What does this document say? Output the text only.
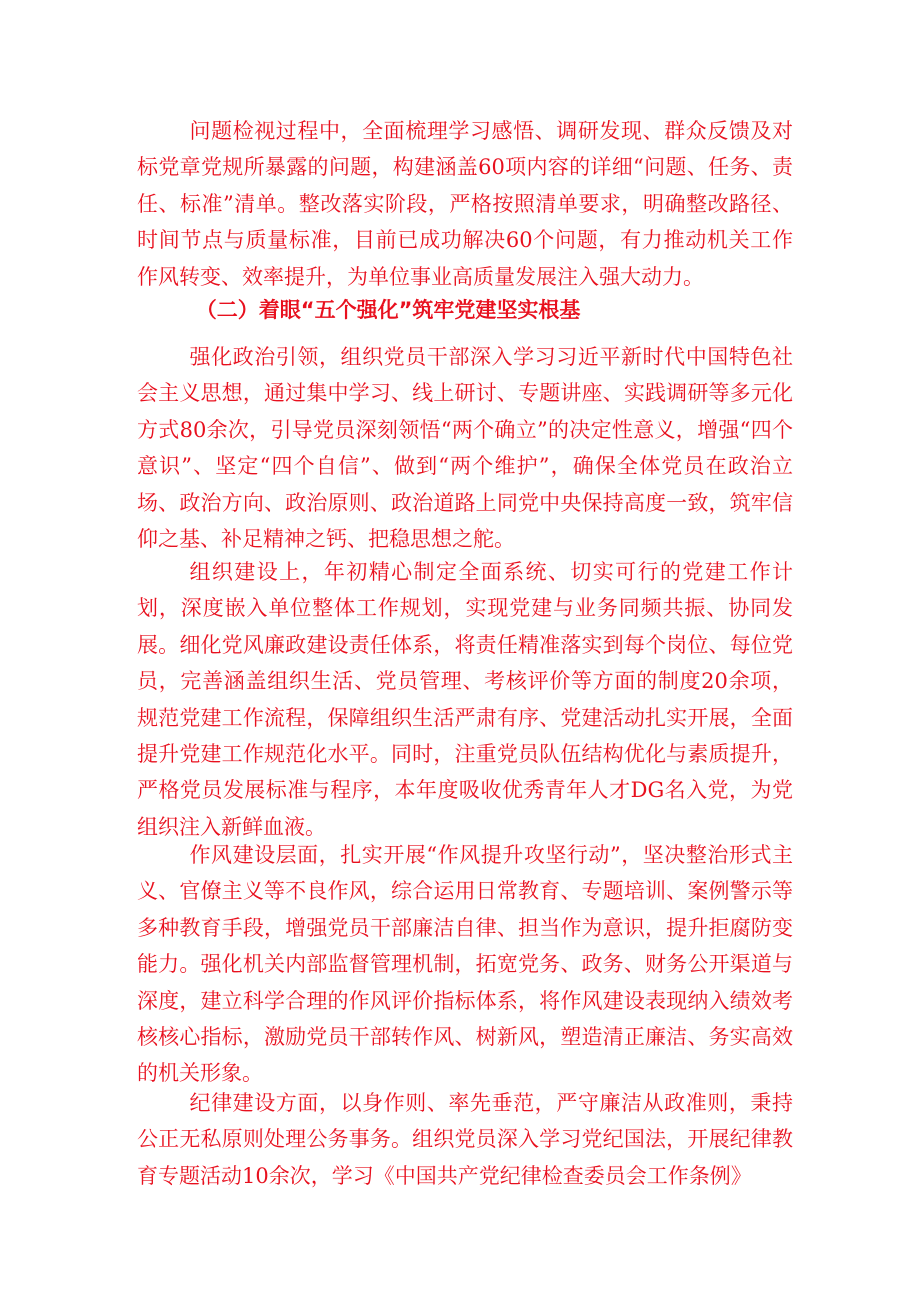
问题检视过程中，全面梳理学习感悟、调研发现、群众反馈及对标党章党规所暴露的问题，构建涵盖60项内容的详细“问题、任务、责任、标准”清单。整改落实阶段，严格按照清单要求，明确整改路径、时间节点与质量标准，目前已成功解决60个问题，有力推动机关工作作风转变、效率提升，为单位事业高质量发展注入强大动力。

（二）着眼“五个强化”筑牢党建坚实根基

强化政治引领，组织党员干部深入学习习近平新时代中国特色社会主义思想，通过集中学习、线上研讨、专题讲座、实践调研等多元化方式80余次，引导党员深刻领悟“两个确立”的决定性意义，增强“四个意识”、坚定“四个自信”、做到“两个维护”，确保全体党员在政治立场、政治方向、政治原则、政治道路上同党中央保持高度一致，筑牢信仰之基、补足精神之钙、把稳思想之舵。

组织建设上，年初精心制定全面系统、切实可行的党建工作计划，深度嵌入单位整体工作规划，实现党建与业务同频共振、协同发展。细化党风廉政建设责任体系，将责任精准落实到每个岗位、每位党员，完善涵盖组织生活、党员管理、考核评价等方面的制度20余项，规范党建工作流程，保障组织生活严肃有序、党建活动扎实开展，全面提升党建工作规范化水平。同时，注重党员队伍结构优化与素质提升，严格党员发展标准与程序，本年度吸收优秀青年人才DG名入党，为党组织注入新鲜血液。

作风建设层面，扎实开展“作风提升攻坚行动”，坚决整治形式主义、官僚主义等不良作风，综合运用日常教育、专题培训、案例警示等多种教育手段，增强党员干部廉洁自律、担当作为意识，提升拒腐防变能力。强化机关内部监督管理机制，拓宽党务、政务、财务公开渠道与深度，建立科学合理的作风评价指标体系，将作风建设表现纳入绩效考核核心指标，激励党员干部转作风、树新风，塑造清正廉洁、务实高效的机关形象。

纪律建设方面，以身作则、率先垂范，严守廉洁从政准则，秉持公正无私原则处理公务事务。组织党员深入学习党纪国法，开展纪律教育专题活动10余次，学习《中国共产党纪律检查委员会工作条例》
